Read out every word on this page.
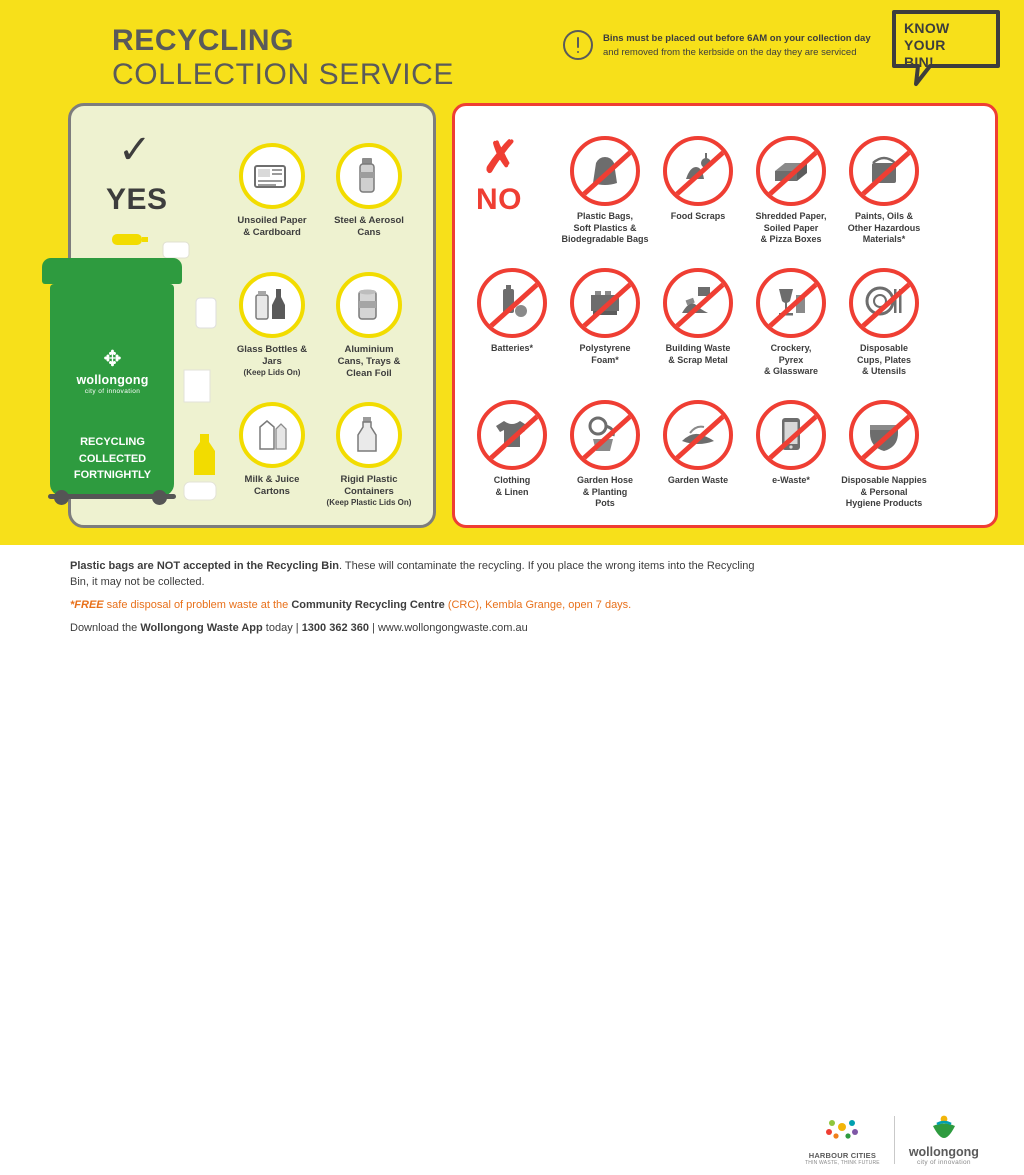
RECYCLING
COLLECTION SERVICE
Bins must be placed out before 6AM on your collection day and removed from the kerbside on the day they are serviced
KNOW
YOUR
BIN!
✓
YES
✥
wollongong
city of innovation
RECYCLING
COLLECTED
FORTNIGHTLY
Unsoiled Paper
& Cardboard
Steel & Aerosol
Cans
Glass Bottles &
Jars
(Keep Lids On)
Aluminium
Cans, Trays &
Clean Foil
Milk & Juice
Cartons
Rigid Plastic
Containers
(Keep Plastic Lids On)
✗
NO	Plastic Bags,
Soft Plastics &
Biodegradable Bags
Food Scraps	Shredded Paper,
Soiled Paper
& Pizza Boxes
Paints, Oils &
Other Hazardous
Materials*
Batteries*	Polystyrene
Foam*
Building Waste
& Scrap Metal
Crockery,
Pyrex
& Glassware
Disposable
Cups, Plates
& Utensils
Clothing
& Linen
Garden Hose
& Planting
Pots
Garden Waste	e-Waste*	Disposable Nappies
& Personal
Hygiene Products
Plastic bags are NOT accepted in the Recycling Bin. These will contaminate the recycling. If you place the wrong items into the Recycling Bin, it may not be collected.
*FREE safe disposal of problem waste at the Community Recycling Centre (CRC), Kembla Grange, open 7 days.
Download the Wollongong Waste App today | 1300 362 360 | www.wollongongwaste.com.au
HARBOUR CITIES
THIN WASTE, THINK FUTURE
wollongong
city of innovation
